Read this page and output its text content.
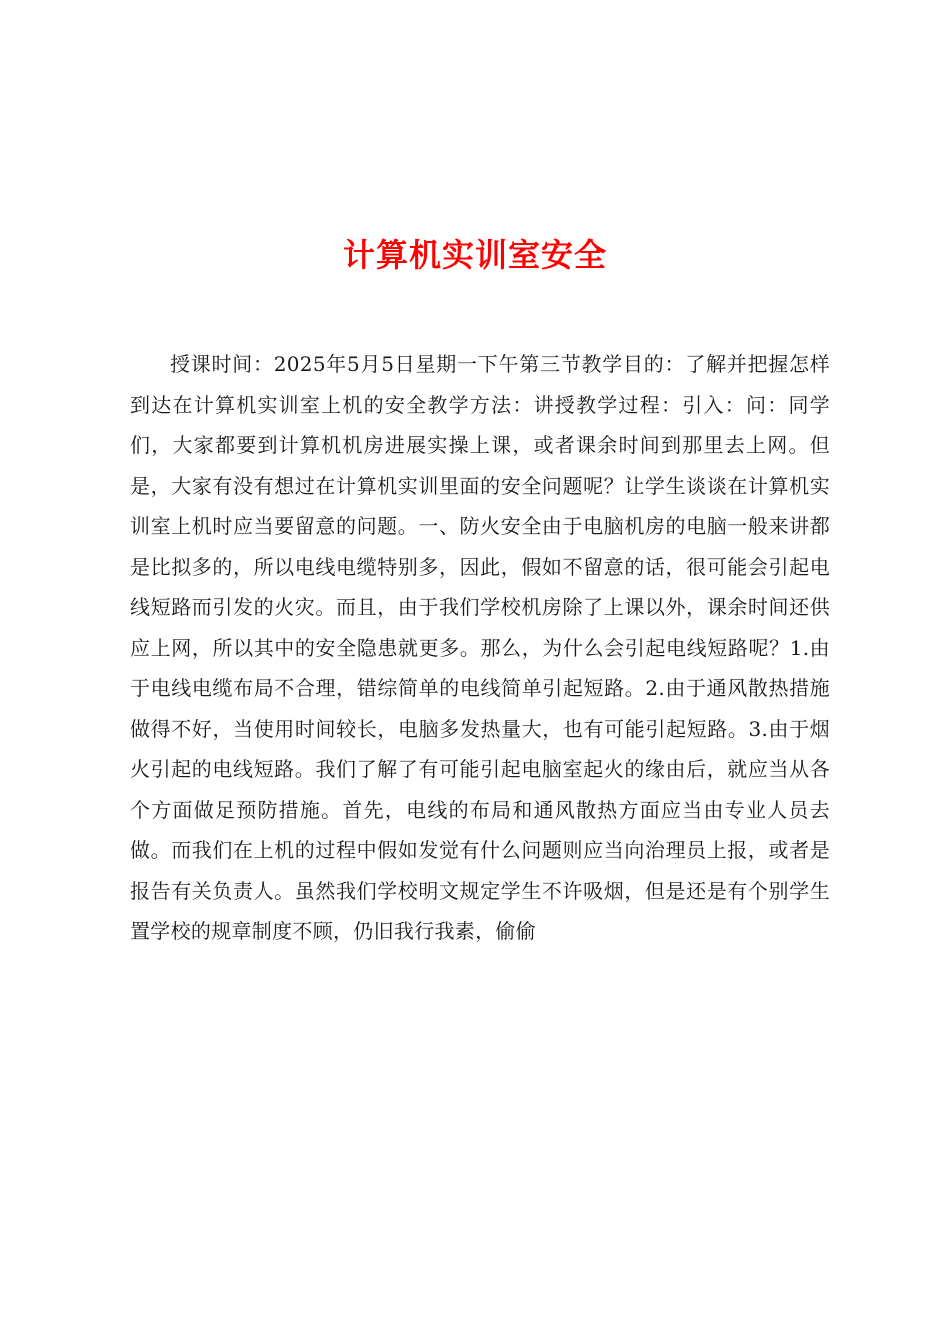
计算机实训室安全

授课时间：2025年5月5日星期一下午第三节教学目的：了解并把握怎样到达在计算机实训室上机的安全教学方法：讲授教学过程：引入：问：同学们，大家都要到计算机机房进展实操上课，或者课余时间到那里去上网。但是，大家有没有想过在计算机实训里面的安全问题呢？让学生谈谈在计算机实训室上机时应当要留意的问题。一、防火安全由于电脑机房的电脑一般来讲都是比拟多的，所以电线电缆特别多，因此，假如不留意的话，很可能会引起电线短路而引发的火灾。而且，由于我们学校机房除了上课以外，课余时间还供应上网，所以其中的安全隐患就更多。那么，为什么会引起电线短路呢？1.由于电线电缆布局不合理，错综简单的电线简单引起短路。2.由于通风散热措施做得不好，当使用时间较长，电脑多发热量大，也有可能引起短路。3.由于烟火引起的电线短路。我们了解了有可能引起电脑室起火的缘由后，就应当从各个方面做足预防措施。首先，电线的布局和通风散热方面应当由专业人员去做。而我们在上机的过程中假如发觉有什么问题则应当向治理员上报，或者是报告有关负责人。虽然我们学校明文规定学生不许吸烟，但是还是有个别学生置学校的规章制度不顾，仍旧我行我素，偷偷
